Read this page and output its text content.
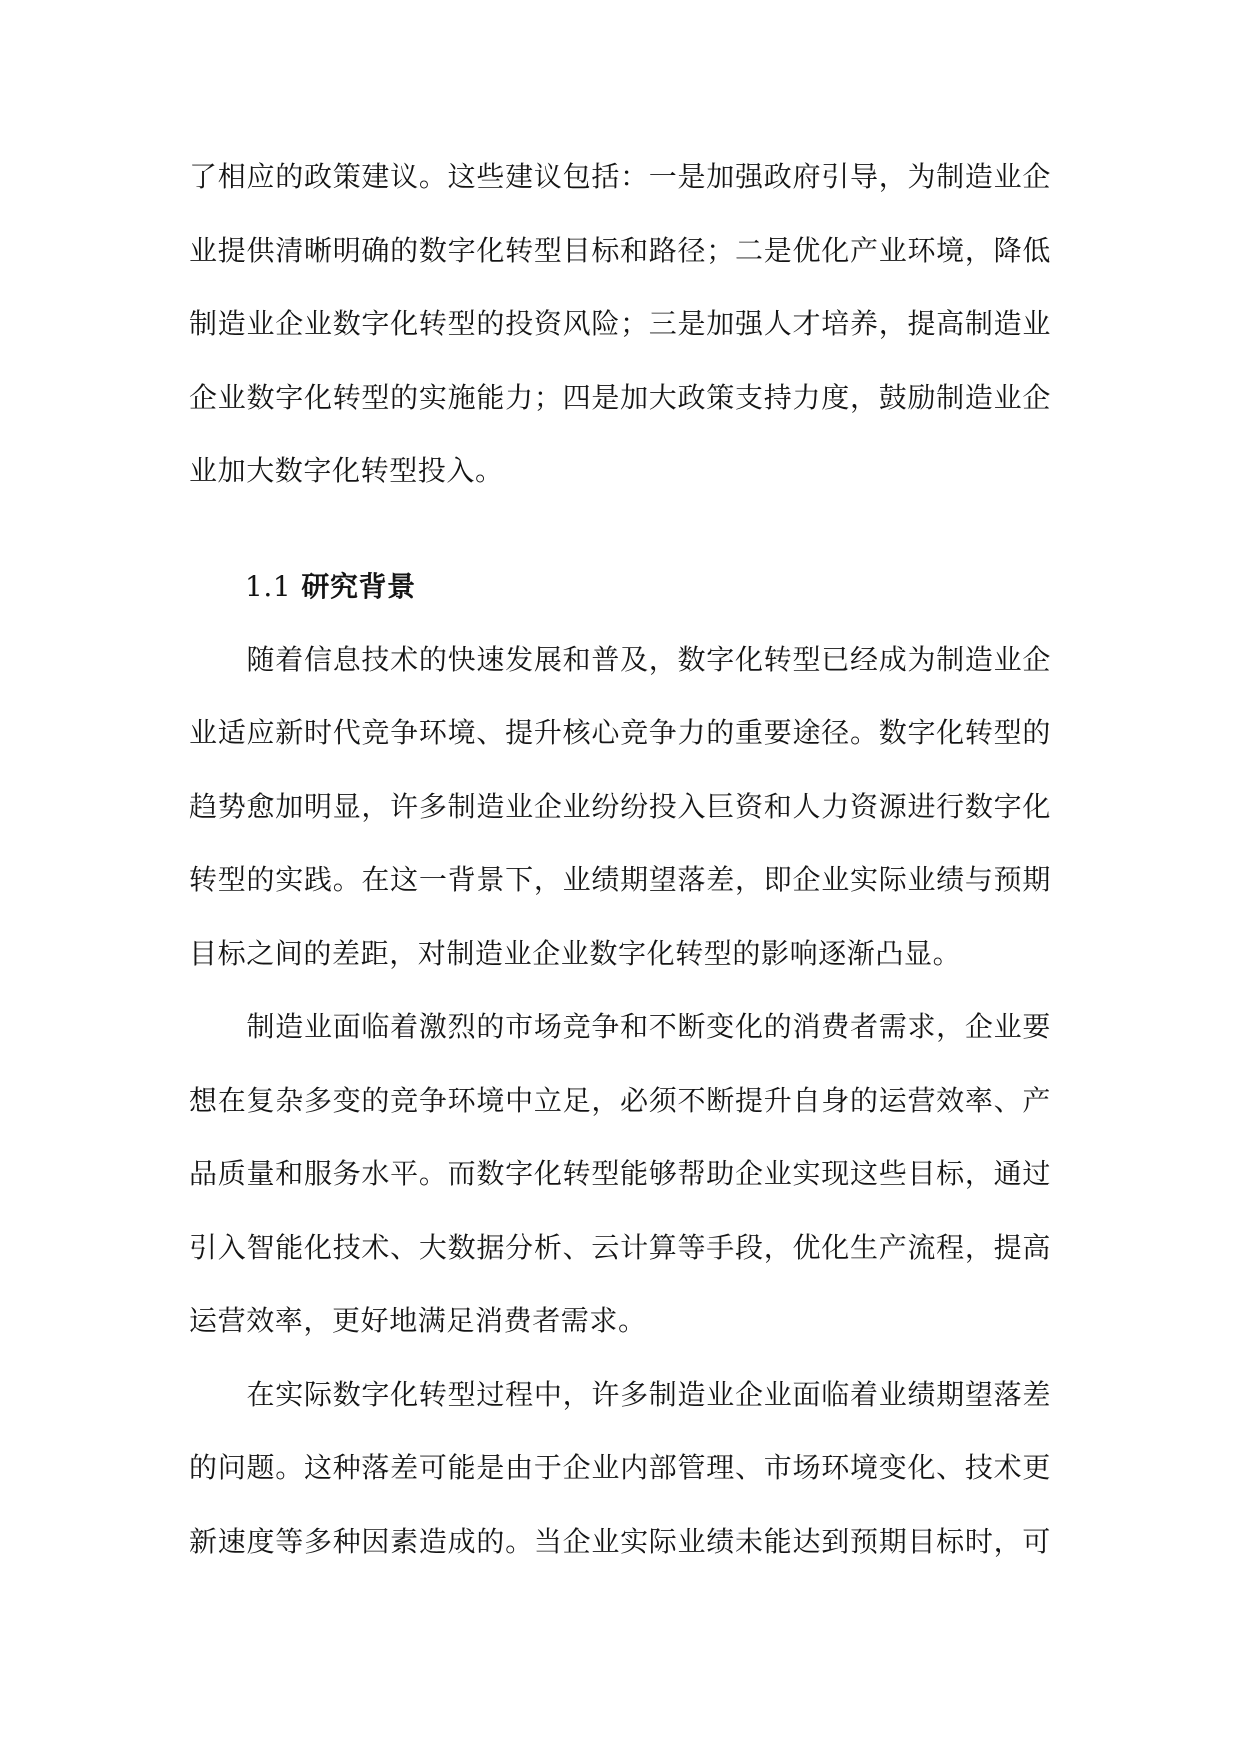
了相应的政策建议。这些建议包括：一是加强政府引导，为制造业企
业提供清晰明确的数字化转型目标和路径；二是优化产业环境，降低
制造业企业数字化转型的投资风险；三是加强人才培养，提高制造业
企业数字化转型的实施能力；四是加大政策支持力度，鼓励制造业企
业加大数字化转型投入。
1.1 研究背景
　　随着信息技术的快速发展和普及，数字化转型已经成为制造业企
业适应新时代竞争环境、提升核心竞争力的重要途径。数字化转型的
趋势愈加明显，许多制造业企业纷纷投入巨资和人力资源进行数字化
转型的实践。在这一背景下，业绩期望落差，即企业实际业绩与预期
目标之间的差距，对制造业企业数字化转型的影响逐渐凸显。
　　制造业面临着激烈的市场竞争和不断变化的消费者需求，企业要
想在复杂多变的竞争环境中立足，必须不断提升自身的运营效率、产
品质量和服务水平。而数字化转型能够帮助企业实现这些目标，通过
引入智能化技术、大数据分析、云计算等手段，优化生产流程，提高
运营效率，更好地满足消费者需求。
　　在实际数字化转型过程中，许多制造业企业面临着业绩期望落差
的问题。这种落差可能是由于企业内部管理、市场环境变化、技术更
新速度等多种因素造成的。当企业实际业绩未能达到预期目标时，可
